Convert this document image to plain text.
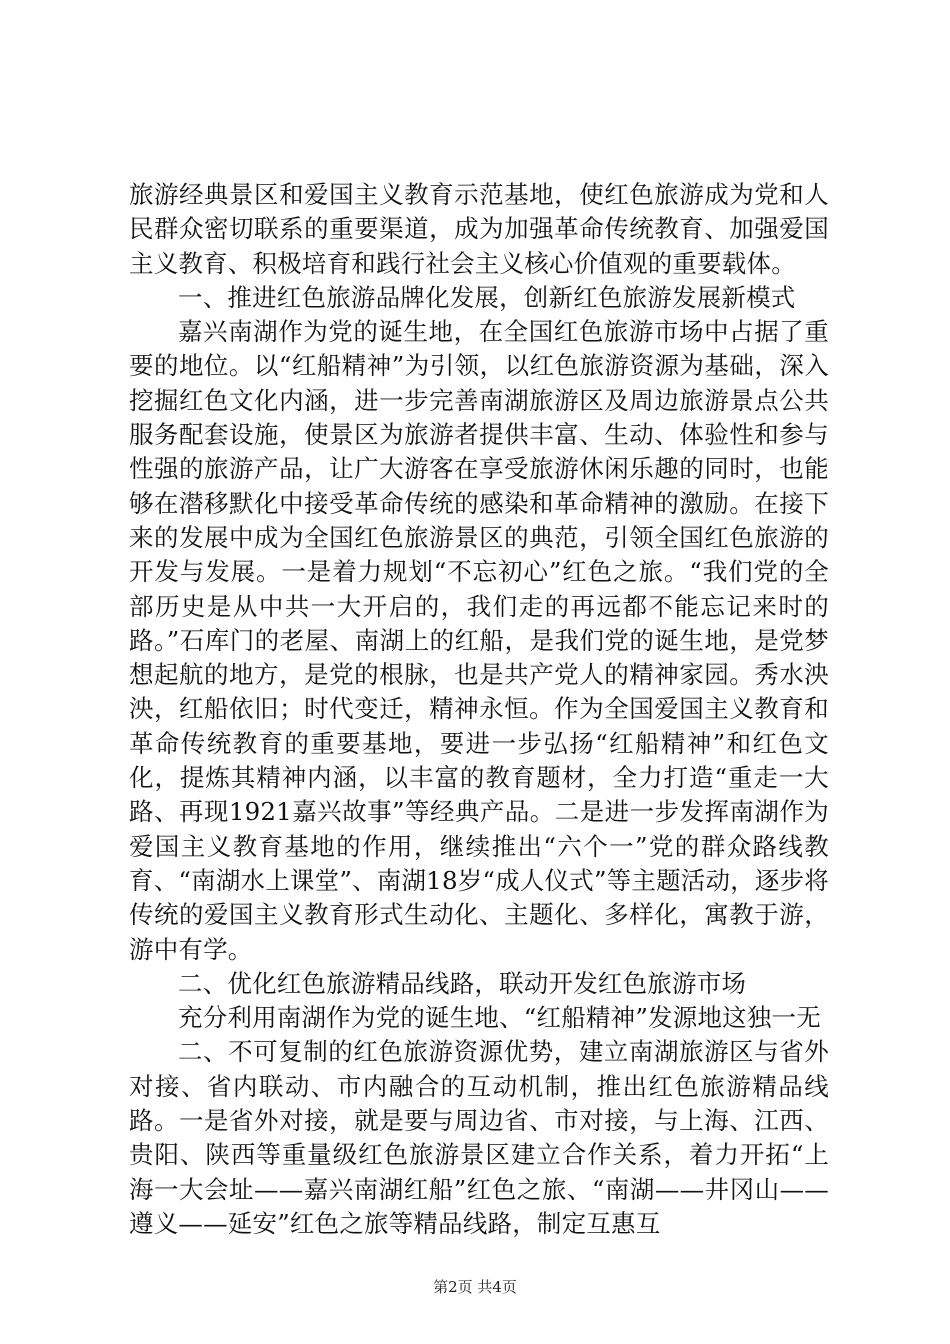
旅游经典景区和爱国主义教育示范基地，使红色旅游成为党和人民群众密切联系的重要渠道，成为加强革命传统教育、加强爱国主义教育、积极培育和践行社会主义核心价值观的重要载体。

一、推进红色旅游品牌化发展，创新红色旅游发展新模式

嘉兴南湖作为党的诞生地，在全国红色旅游市场中占据了重要的地位。以“红船精神”为引领，以红色旅游资源为基础，深入挖掘红色文化内涵，进一步完善南湖旅游区及周边旅游景点公共服务配套设施，使景区为旅游者提供丰富、生动、体验性和参与性强的旅游产品，让广大游客在享受旅游休闲乐趣的同时，也能够在潜移默化中接受革命传统的感染和革命精神的激励。在接下来的发展中成为全国红色旅游景区的典范，引领全国红色旅游的开发与发展。一是着力规划“不忘初心”红色之旅。“我们党的全部历史是从中共一大开启的，我们走的再远都不能忘记来时的路。”石库门的老屋、南湖上的红船，是我们党的诞生地，是党梦想起航的地方，是党的根脉，也是共产党人的精神家园。秀水泱泱，红船依旧；时代变迁，精神永恒。作为全国爱国主义教育和革命传统教育的重要基地，要进一步弘扬“红船精神”和红色文化，提炼其精神内涵，以丰富的教育题材，全力打造“重走一大路、再现1921嘉兴故事”等经典产品。二是进一步发挥南湖作为爱国主义教育基地的作用，继续推出“六个一”党的群众路线教育、“南湖水上课堂”、南湖18岁“成人仪式”等主题活动，逐步将传统的爱国主义教育形式生动化、主题化、多样化，寓教于游，游中有学。

二、优化红色旅游精品线路，联动开发红色旅游市场

充分利用南湖作为党的诞生地、“红船精神”发源地这独一无

二、不可复制的红色旅游资源优势，建立南湖旅游区与省外对接、省内联动、市内融合的互动机制，推出红色旅游精品线路。一是省外对接，就是要与周边省、市对接，与上海、江西、贵阳、陕西等重量级红色旅游景区建立合作关系，着力开拓“上海一大会址——嘉兴南湖红船”红色之旅、“南湖——井冈山——遵义——延安”红色之旅等精品线路，制定互惠互

第2页 共4页
